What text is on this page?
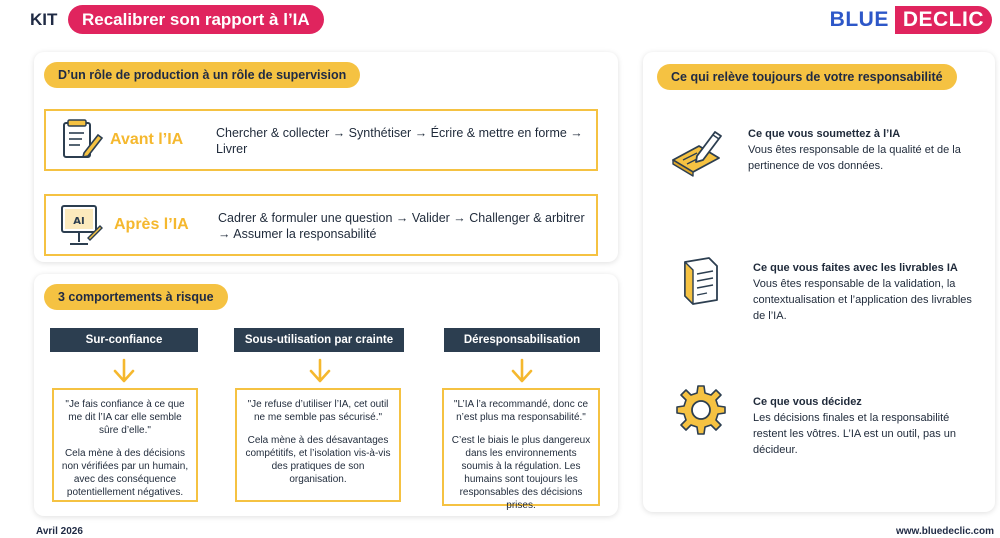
KIT	Recalibrer son rapport à l’IA	BLUE DECLIC
D’un rôle de production à un rôle de supervision
Avant l’IA	Chercher & collecter → Synthétiser → Écrire & mettre en forme → Livrer
AI Après l’IA Cadrer & formuler une question → Valider → Challenger & arbitrer → Assumer la responsabilité
3 comportements à risque
Sur-confiance

"Je fais confiance à ce que me dit l’IA car elle semble sûre d’elle."

Cela mène à des décisions non vérifiées par un humain, avec des conséquence potentiellement négatives.

Sous-utilisation par crainte

"Je refuse d’utiliser l’IA, cet outil ne me semble pas sécurisé."

Cela mène à des désavantages compétitifs, et l’isolation vis-à-vis des pratiques de son organisation.

Déresponsabilisation

"L’IA l’a recommandé, donc ce n’est plus ma responsabilité."

C’est le biais le plus dangereux dans les environnements soumis à la régulation. Les humains sont toujours les responsables des décisions prises.

Ce qui relève toujours de votre responsabilité
Ce que vous soumettez à l’IA
Vous êtes responsable de la qualité et de la pertinence de vos données.
Ce que vous faites avec les livrables IA
Vous êtes responsable de la validation, la contextualisation et l’application des livrables de l’IA.
Ce que vous décidez
Les décisions finales et la responsabilité restent les vôtres. L’IA est un outil, pas un décideur.
Avril 2026	www.bluedeclic.com
